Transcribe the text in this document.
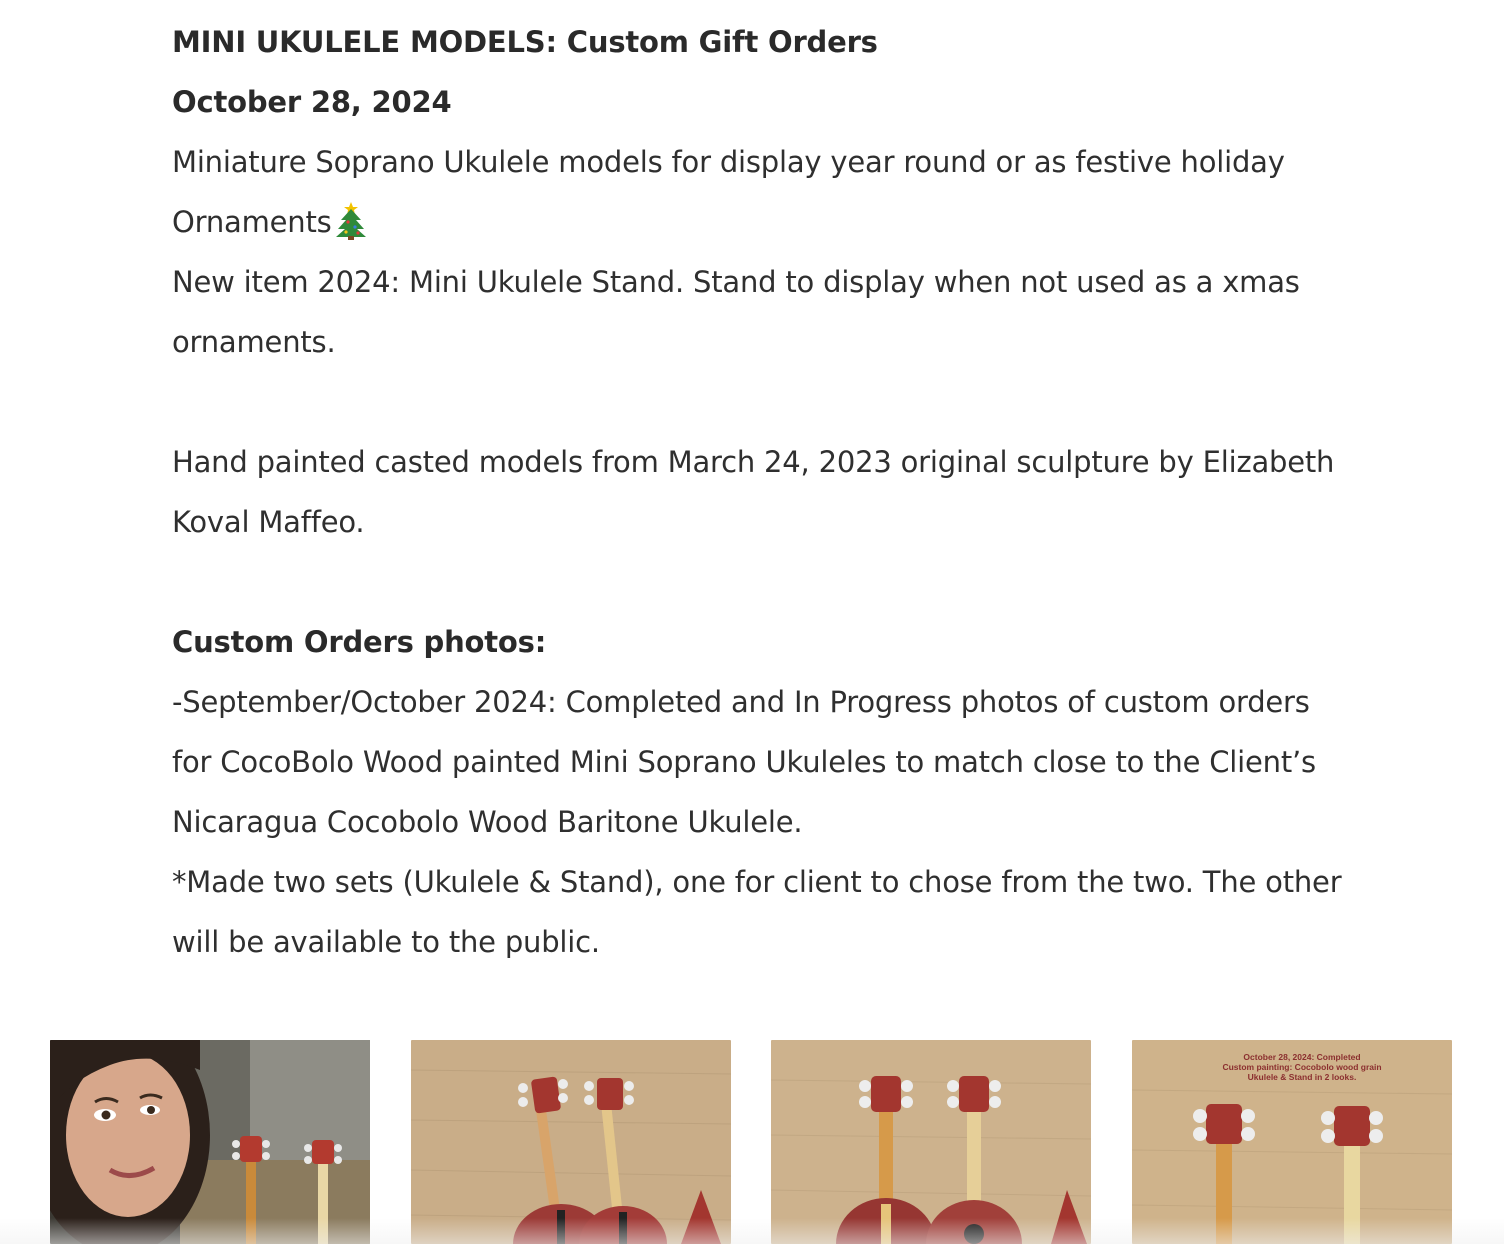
MINI UKULELE MODELS: Custom Gift Orders

October 28, 2024

Miniature Soprano Ukulele models for display year round or as festive holiday Ornaments

New item 2024: Mini Ukulele Stand. Stand to display when not used as a xmas ornaments.

Hand painted casted models from March 24, 2023 original sculpture by Elizabeth Koval Maffeo.

Custom Orders photos:

-September/October 2024: Completed and In Progress photos of custom orders for CocoBolo Wood painted Mini Soprano Ukuleles to match close to the Client’s Nicaragua Cocobolo Wood Baritone Ukulele.

*Made two sets (Ukulele & Stand), one for client to chose from the two. The other will be available to the public.

October 28, 2024: Completed
Custom painting: Cocobolo wood grain
Ukulele & Stand in 2 looks.
